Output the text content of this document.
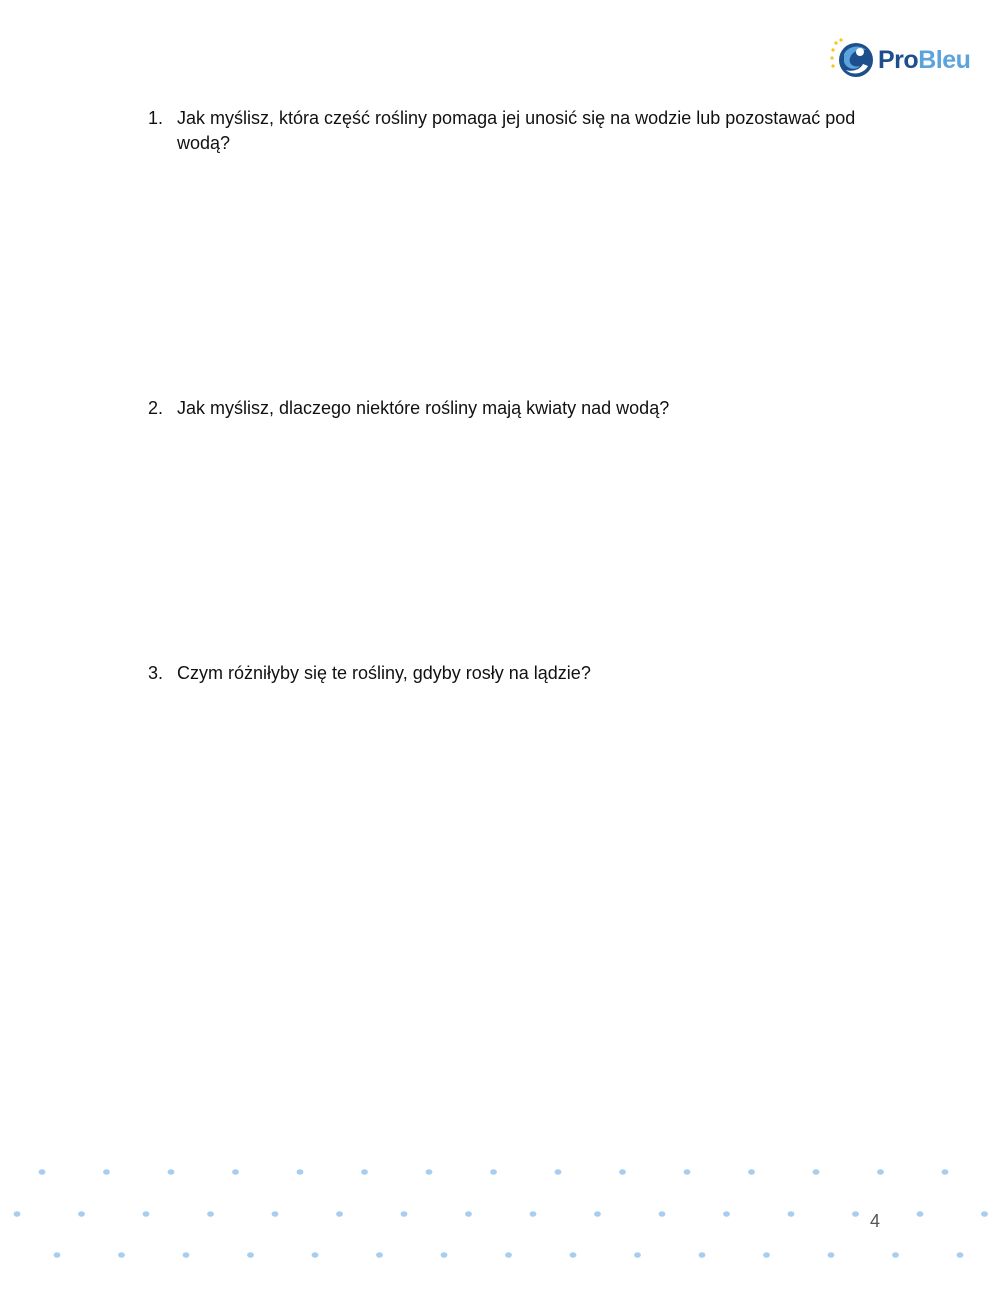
ProBleu
1. Jak myślisz, która część rośliny pomaga jej unosić się na wodzie lub pozostawać pod wodą?
2. Jak myślisz, dlaczego niektóre rośliny mają kwiaty nad wodą?
3. Czym różniłyby się te rośliny, gdyby rosły na lądzie?
4
